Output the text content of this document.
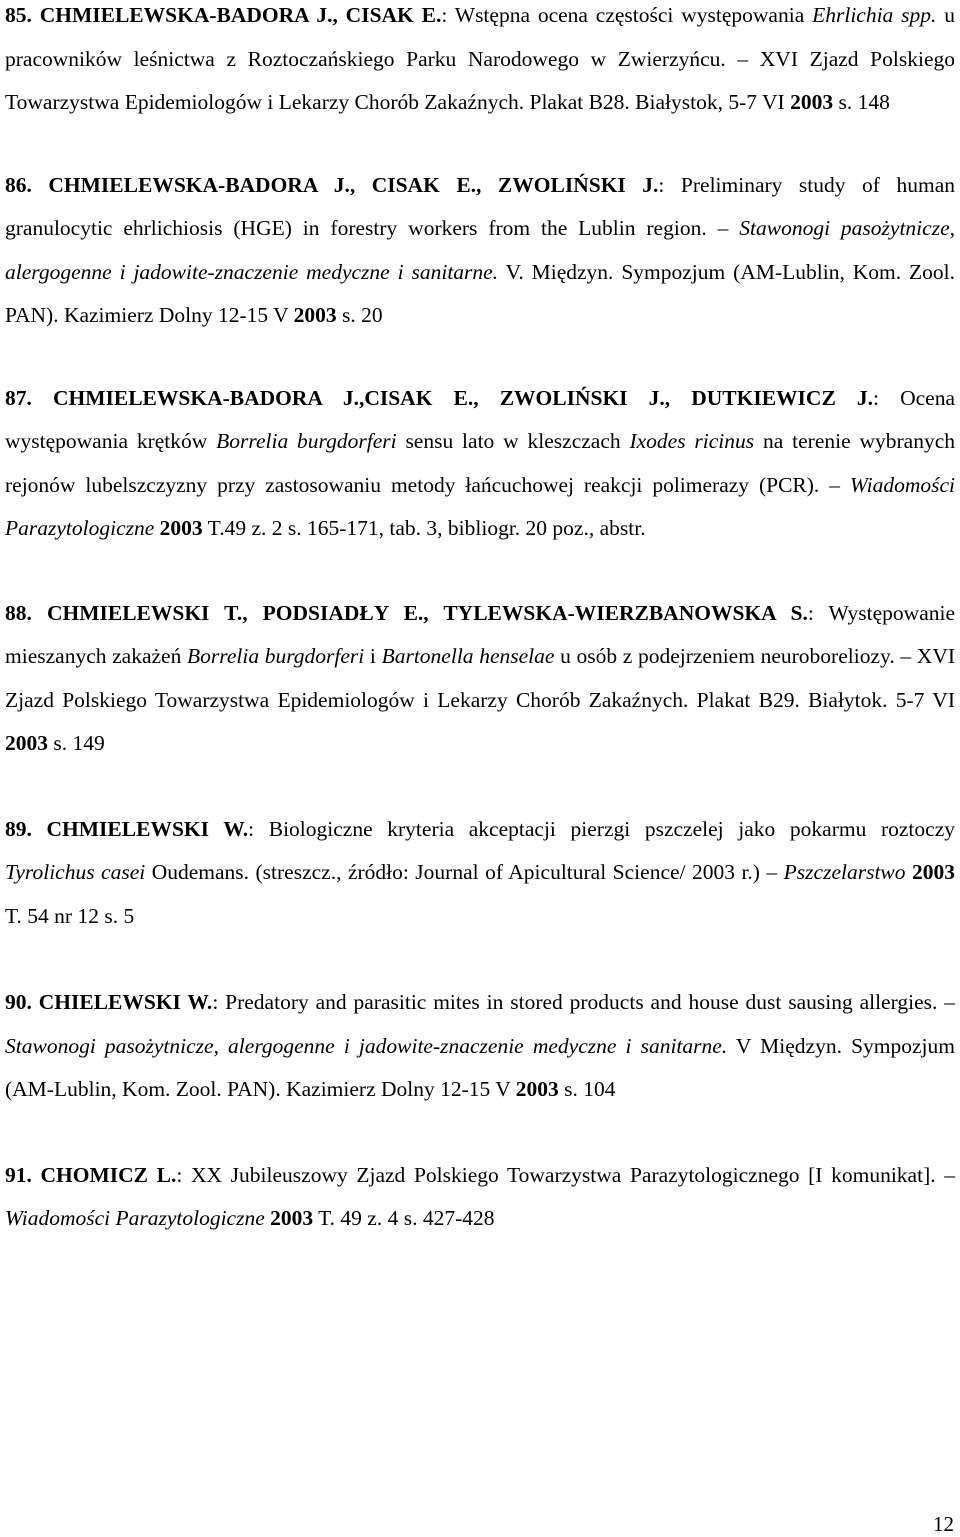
85. CHMIELEWSKA-BADORA J., CISAK E.: Wstępna ocena częstości występowania Ehrlichia spp. u pracowników leśnictwa z Roztoczańskiego Parku Narodowego w Zwierzyńcu. – XVI Zjazd Polskiego Towarzystwa Epidemiologów i Lekarzy Chorób Zakaźnych. Plakat B28. Białystok, 5-7 VI 2003 s. 148

86. CHMIELEWSKA-BADORA J., CISAK E., ZWOLIŃSKI J.: Preliminary study of human granulocytic ehrlichiosis (HGE) in forestry workers from the Lublin region. – Stawonogi pasożytnicze, alergogenne i jadowite-znaczenie medyczne i sanitarne. V. Międzyn. Sympozjum (AM-Lublin, Kom. Zool. PAN). Kazimierz Dolny 12-15 V 2003 s. 20

87. CHMIELEWSKA-BADORA J.,CISAK E., ZWOLIŃSKI J., DUTKIEWICZ J.: Ocena występowania krętków Borrelia burgdorferi sensu lato w kleszczach Ixodes ricinus na terenie wybranych rejonów lubelszczyzny przy zastosowaniu metody łańcuchowej reakcji polimerazy (PCR). – Wiadomości Parazytologiczne 2003 T.49 z. 2 s. 165-171, tab. 3, bibliogr. 20 poz., abstr.

88. CHMIELEWSKI T., PODSIADŁY E., TYLEWSKA-WIERZBANOWSKA S.: Występowanie mieszanych zakażeń Borrelia burgdorferi i Bartonella henselae u osób z podejrzeniem neuroboreliozy. – XVI Zjazd Polskiego Towarzystwa Epidemiologów i Lekarzy Chorób Zakaźnych. Plakat B29. Białytok. 5-7 VI 2003 s. 149

89. CHMIELEWSKI W.: Biologiczne kryteria akceptacji pierzgi pszczelej jako pokarmu roztoczy Tyrolichus casei Oudemans. (streszcz., źródło: Journal of Apicultural Science/ 2003 r.) – Pszczelarstwo 2003 T. 54 nr 12 s. 5

90. CHIELEWSKI W.: Predatory and parasitic mites in stored products and house dust sausing allergies. – Stawonogi pasożytnicze, alergogenne i jadowite-znaczenie medyczne i sanitarne. V Międzyn. Sympozjum (AM-Lublin, Kom. Zool. PAN). Kazimierz Dolny 12-15 V 2003 s. 104

91. CHOMICZ L.: XX Jubileuszowy Zjazd Polskiego Towarzystwa Parazytologicznego [I komunikat]. – Wiadomości Parazytologiczne 2003 T. 49 z. 4 s. 427-428

12
